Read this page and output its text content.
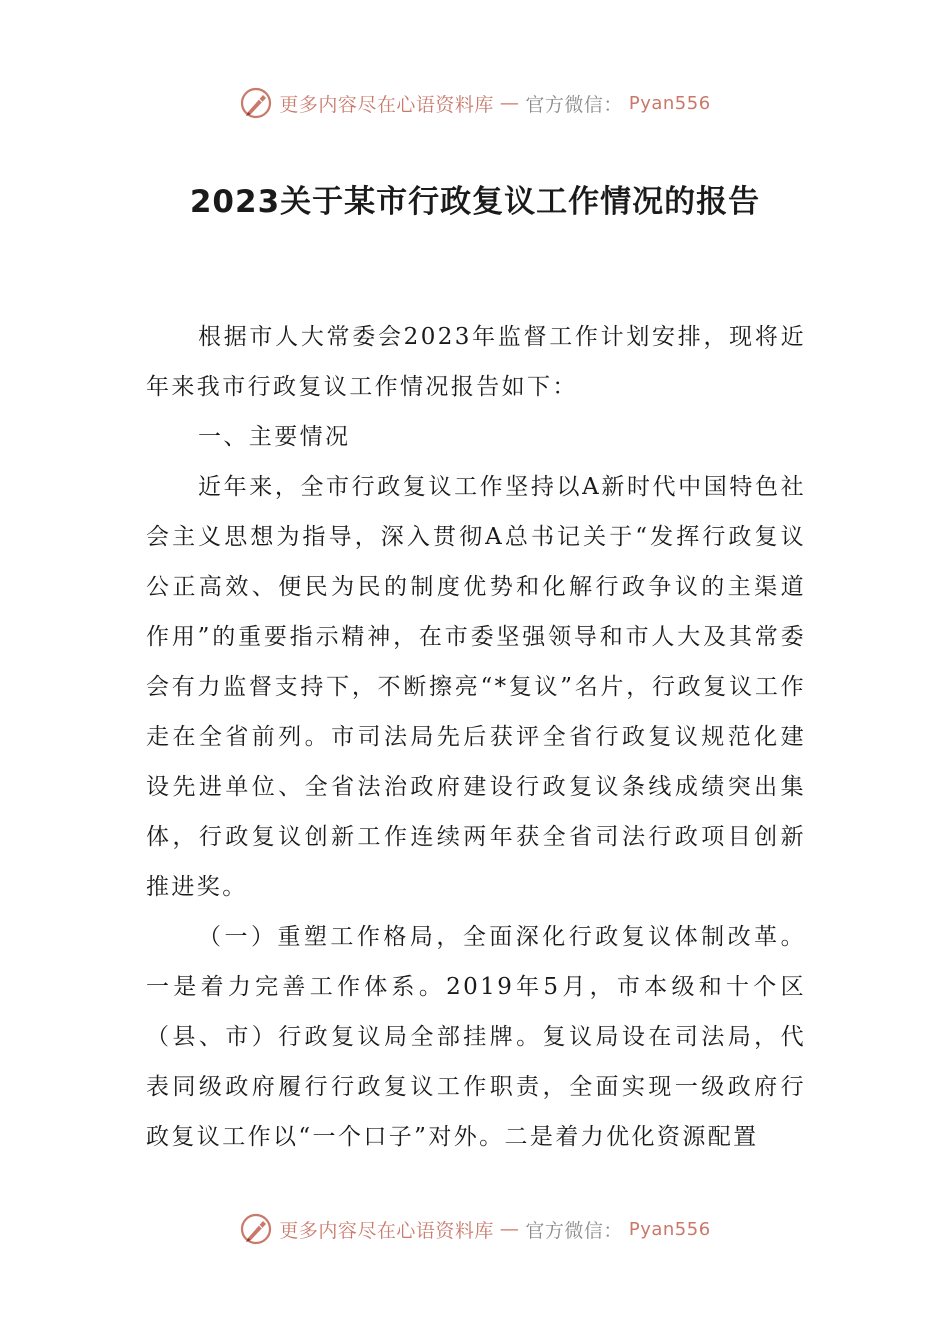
更多内容尽在心语资料库 — 官方微信： Pyan556
2023关于某市行政复议工作情况的报告

根据市人大常委会2023年监督工作计划安排，现将近年来我市行政复议工作情况报告如下：

一、主要情况

近年来，全市行政复议工作坚持以A新时代中国特色社会主义思想为指导，深入贯彻A总书记关于“发挥行政复议公正高效、便民为民的制度优势和化解行政争议的主渠道作用”的重要指示精神，在市委坚强领导和市人大及其常委会有力监督支持下，不断擦亮“*复议”名片，行政复议工作走在全省前列。市司法局先后获评全省行政复议规范化建设先进单位、全省法治政府建设行政复议条线成绩突出集体，行政复议创新工作连续两年获全省司法行政项目创新推进奖。

（一）重塑工作格局，全面深化行政复议体制改革。一是着力完善工作体系。2019年5月，市本级和十个区（县、市）行政复议局全部挂牌。复议局设在司法局，代表同级政府履行行政复议工作职责，全面实现一级政府行政复议工作以“一个口子”对外。二是着力优化资源配置

更多内容尽在心语资料库 — 官方微信： Pyan556
